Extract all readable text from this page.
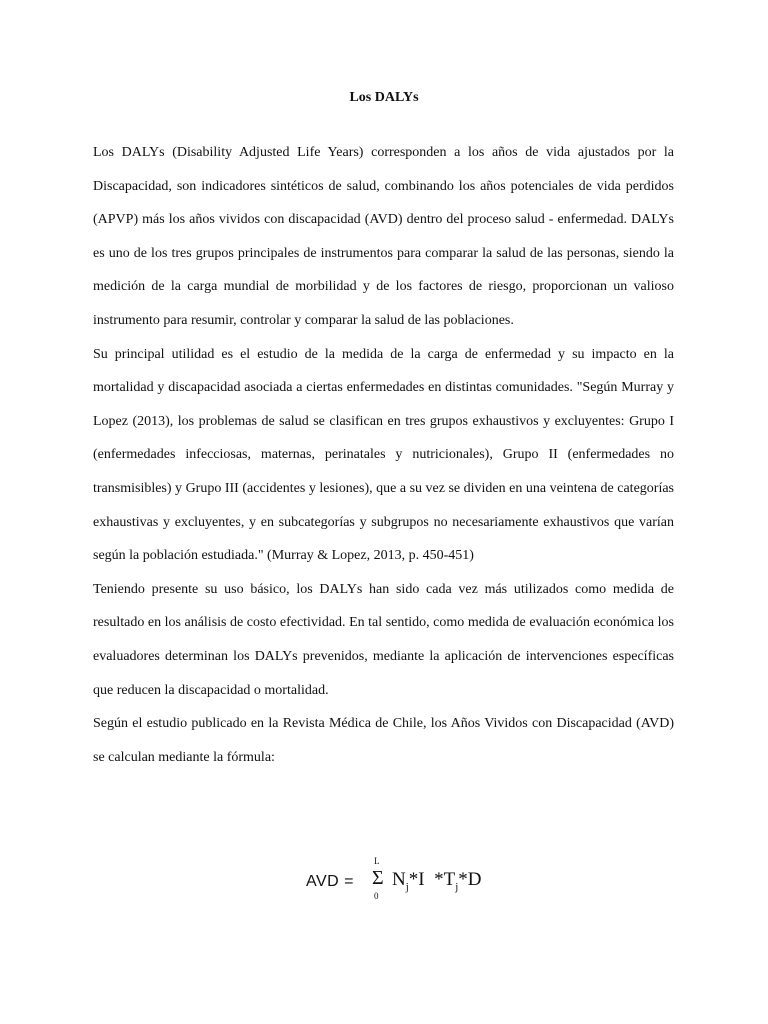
Los DALYs

Los DALYs (Disability Adjusted Life Years) corresponden a los años de vida ajustados por la Discapacidad, son indicadores sintéticos de salud, combinando los años potenciales de vida perdidos (APVP) más los años vividos con discapacidad (AVD) dentro del proceso salud - enfermedad. DALYs es uno de los tres grupos principales de instrumentos para comparar la salud de las personas, siendo la medición de la carga mundial de morbilidad y de los factores de riesgo, proporcionan un valioso instrumento para resumir, controlar y comparar la salud de las poblaciones.

Su principal utilidad es el estudio de la medida de la carga de enfermedad y su impacto en la mortalidad y discapacidad asociada a ciertas enfermedades en distintas comunidades. "Según Murray y Lopez (2013), los problemas de salud se clasifican en tres grupos exhaustivos y excluyentes: Grupo I (enfermedades infecciosas, maternas, perinatales y nutricionales), Grupo II (enfermedades no transmisibles) y Grupo III (accidentes y lesiones), que a su vez se dividen en una veintena de categorías exhaustivas y excluyentes, y en subcategorías y subgrupos no necesariamente exhaustivos que varían según la población estudiada." (Murray & Lopez, 2013, p. 450-451)

Teniendo presente su uso básico, los DALYs han sido cada vez más utilizados como medida de resultado en los análisis de costo efectividad. En tal sentido, como medida de evaluación económica los evaluadores determinan los DALYs prevenidos, mediante la aplicación de intervenciones específicas que reducen la discapacidad o mortalidad.

Según el estudio publicado en la Revista Médica de Chile, los Años Vividos con Discapacidad (AVD) se calculan mediante la fórmula:

AVD =
L
Σ
0
$N_j*I$  $*T_j*D$
